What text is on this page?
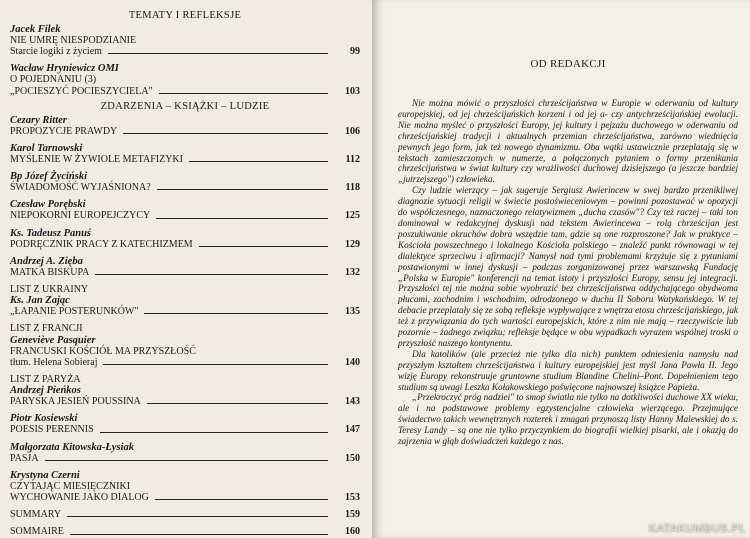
TEMATY I REFLEKSJE
Jacek Filek
NIE UMRĘ NIESPODZIANIE
Starcie logiki z życiem	99
Wacław Hryniewicz OMI
O POJEDNANIU (3)
„POCIESZYĆ POCIESZYCIELA"	103
ZDARZENIA – KSIĄŻKI – LUDZIE
Cezary Ritter
PROPOZYCJE PRAWDY	106
Karol Tarnowski
MYŚLENIE W ŻYWIOLE METAFIZYKI	112
Bp Józef Życiński
ŚWIADOMOŚĆ WYJAŚNIONA?	118
Czesław Porębski
NIEPOKORNI EUROPEJCZYCY	125
Ks. Tadeusz Panuś
PODRĘCZNIK PRACY Z KATECHIZMEM	129
Andrzej A. Zięba
MATKA BISKUPA	132
LIST Z UKRAINY
Ks. Jan Zając
„ŁAPANIE POSTERUNKÓW"	135
LIST Z FRANCJI
Geneviève Pasquier
FRANCUSKI KOŚCIÓŁ MA PRZYSZŁOŚĆ
tłum. Helena Sobieraj	140
LIST Z PARYŻA
Andrzej Pieńkos
PARYSKA JESIEŃ POUSSINA	143
Piotr Kosiewski
POESIS PERENNIS	147
Małgorzata Kitowska-Łysiak
PASJA	150
Krystyna Czerni
CZYTAJĄC MIESIĘCZNIKI
WYCHOWANIE JAKO DIALOG	153
SUMMARY	159
SOMMAIRE	160
OD REDAKCJI

Nie można mówić o przyszłości chrześcijaństwa w Europie w oderwaniu od kultury europejskiej, od jej chrześcijańskich korzeni i od jej a- czy antychrześcijańskiej ewolucji. Nie można myśleć o przyszłości Europy, jej kultury i pejzażu duchowego w oderwaniu od chrześcijańskiej tradycji i aktualnych przemian chrześcijaństwa, zarówno wiednięcia pewnych jego form, jak też nowego dynamizmu. Oba wątki ustawicznie przeplatają się w tekstach zamieszczonych w numerze, a połączonych pytaniem o formy przenikania chrześcijaństwa w świat kultury czy wrażliwości duchowej dzisiejszego (a jeszcze bardziej „jutrzejszego") człowieka.

Czy ludzie wierzący – jak sugeruje Sergiusz Awierincew w swej bardzo przenikliwej diagnozie sytuacji religii w świecie postoświeceniowym – powinni pozostawać w opozycji do współczesnego, naznaczonego relatywizmem „ducha czasów"? Czy też raczej – taki ton dominował w redakcyjnej dyskusji nad tekstem Awierincewa – rolą chrześcijan jest poszukiwanie okruchów dobra wszędzie tam, gdzie są one rozproszone? Jak w praktyce – Kościoła powszechnego i lokalnego Kościoła polskiego – znaleźć punkt równowagi w tej dialektyce sprzeciwu i afirmacji? Namysł nad tymi problemami krzyżuje się z pytaniami postawionymi w innej dyskusji – podczas zorganizowanej przez warszawską Fundację „Polska w Europie" konferencji na temat istoty i przyszłości Europy, sensu jej integracji. Przyszłości tej nie można sobie wyobrazić bez chrześcijaństwa oddychającego obydwoma płucami, zachodnim i wschodnim, odrodzonego w duchu II Soboru Watykańskiego. W tej debacie przeplatały się ze sobą refleksje wypływające z wnętrza etosu chrześcijańskiego, jak też z przywiązania do tych wartości europejskich, które z nim nie mają – rzeczywiście lub pozornie – żadnego związku; refleksje będące w obu wypadkach wyrazem wspólnej troski o przyszłość naszego kontynentu.

Dla katolików (ale przecież nie tylko dla nich) punktem odniesienia namysłu nad przyszłym kształtem chrześcijaństwa i kultury europejskiej jest myśl Jana Pawła II. Jego wizję Europy rekonstruuje gruntowne studium Blandine Chelini–Pont. Dopełnieniem tego studium są uwagi Leszka Kołakowskiego poświęcone najnowszej książce Papieża.

„Przekroczyć próg nadziei" to smop światła nie tylko na dotkliwości duchowe XX wieku, ale i na podstawowe problemy egzystencjalne człowieka wierzącego. Przejmujące świadectwo takich wewnętrznych rozterek i zmagań przynoszą listy Hanny Malewskiej do s. Teresy Landy – są one nie tylko przyczynkiem do biografii wielkiej pisarki, ale i okazją do zajrzenia w głąb doświadczeń każdego z nas.

KATAKUMBUS.PL
